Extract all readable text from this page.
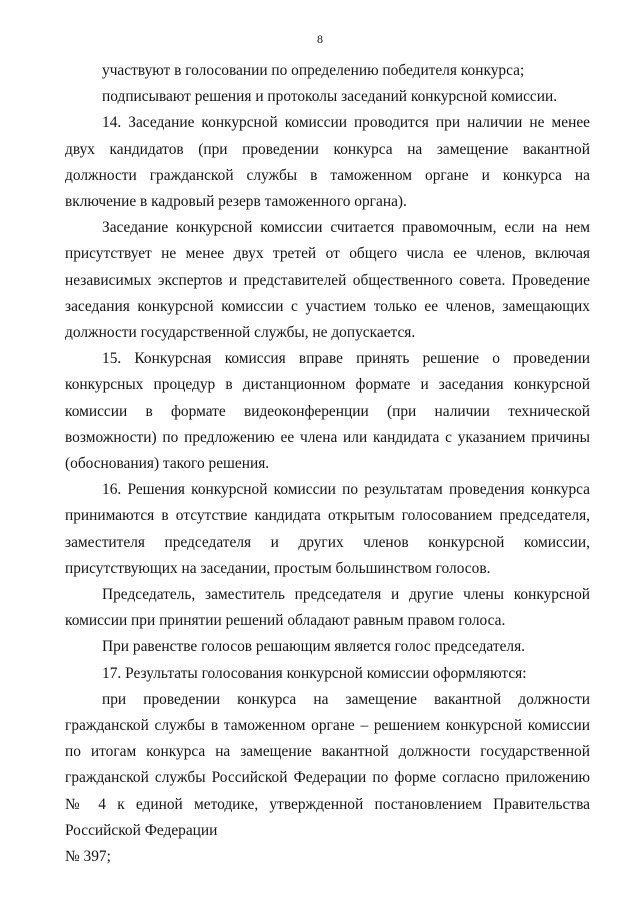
8

участвуют в голосовании по определению победителя конкурса;

подписывают решения и протоколы заседаний конкурсной комиссии.

14. Заседание конкурсной комиссии проводится при наличии не менее двух кандидатов (при проведении конкурса на замещение вакантной должности гражданской службы в таможенном органе и конкурса на включение в кадровый резерв таможенного органа).

Заседание конкурсной комиссии считается правомочным, если на нем присутствует не менее двух третей от общего числа ее членов, включая независимых экспертов и представителей общественного совета. Проведение заседания конкурсной комиссии с участием только ее членов, замещающих должности государственной службы, не допускается.

15. Конкурсная комиссия вправе принять решение о проведении конкурсных процедур в дистанционном формате и заседания конкурсной комиссии в формате видеоконференции (при наличии технической возможности) по предложению ее члена или кандидата с указанием причины (обоснования) такого решения.

16. Решения конкурсной комиссии по результатам проведения конкурса принимаются в отсутствие кандидата открытым голосованием председателя, заместителя председателя и других членов конкурсной комиссии, присутствующих на заседании, простым большинством голосов.

Председатель, заместитель председателя и другие члены конкурсной комиссии при принятии решений обладают равным правом голоса.

При равенстве голосов решающим является голос председателя.

17. Результаты голосования конкурсной комиссии оформляются:

при проведении конкурса на замещение вакантной должности гражданской службы в таможенном органе – решением конкурсной комиссии по итогам конкурса на замещение вакантной должности государственной гражданской службы Российской Федерации по форме согласно приложению № 4 к единой методике, утвержденной постановлением Правительства Российской Федерации

№ 397;
